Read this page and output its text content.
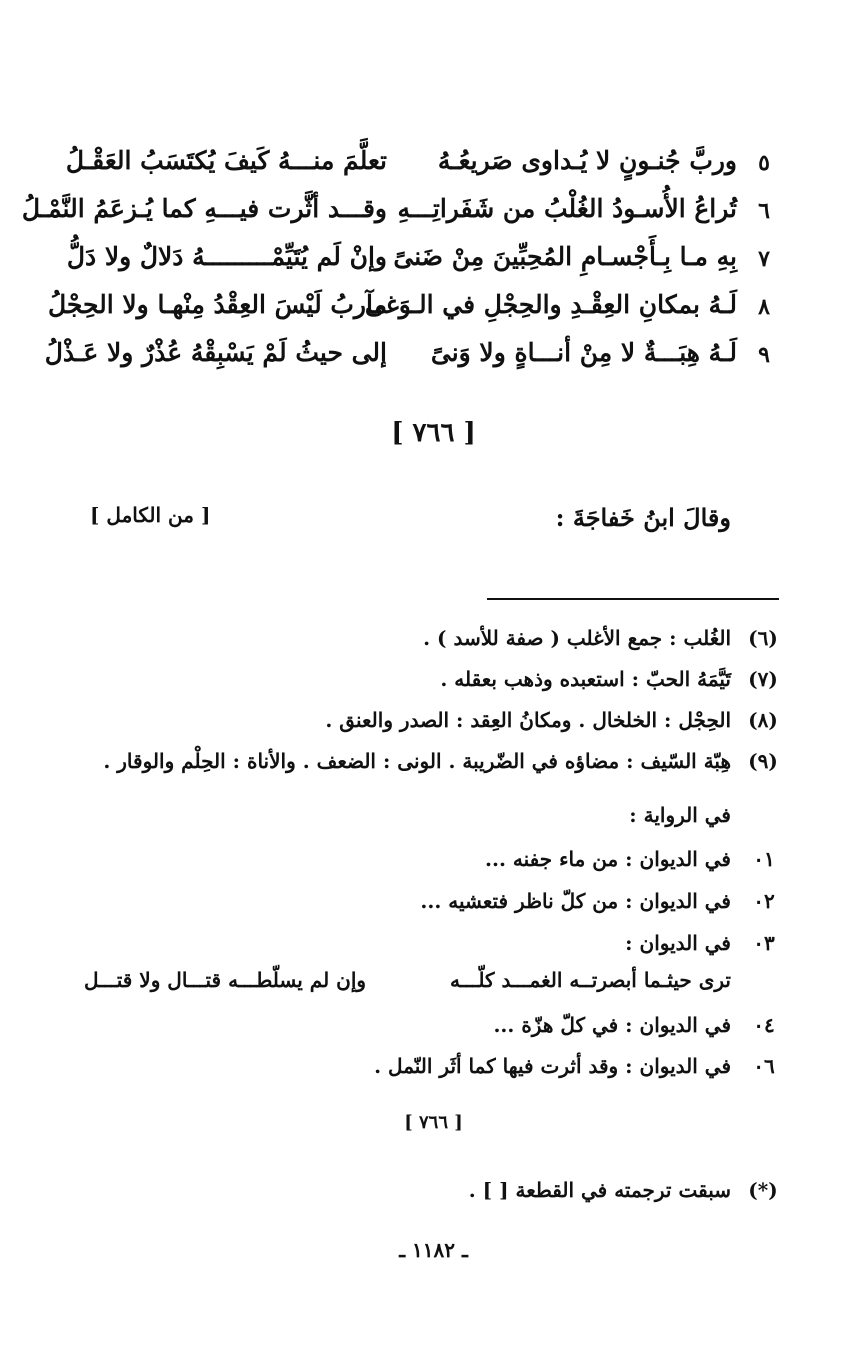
٥
وربَّ جُنـونٍ لا يُـداوى صَريعُـهُ
تعلَّمَ منـــهُ كَيفَ يُكتَسَبُ العَقْـلُ
٦
تُراعُ الأُسـودُ الغُلْبُ من شَفَراتِـــهِ
وقـــد أثَّرت فيـــهِ كما يُـزعَمُ النَّمْـلُ
٧
بِهِ مـا بِـأَجْسـامِ المُحِبِّينَ مِنْ ضَنىً
وإنْ لَم يُتَيِّمْـــــــــهُ دَلالٌ ولا دَلُّ
٨
لَـهُ بمكانِ العِقْـدِ والحِجْلِ في الـوَغى
مآربُ لَيْسَ العِقْدُ مِنْهـا ولا الحِجْلُ
٩
لَـهُ هِبَـــةٌ لا مِنْ أنـــاةٍ ولا وَنىً
إلى حيثُ لَمْ يَسْبِقْهُ عُذْرٌ ولا عَـذْلُ
[ ٧٦٦ ]
وقالَ ابنُ خَفاجَةَ :
[ من الكامل ]
(٦)
الغُلب : جمع الأغلب ( صفة للأسد ) .
(٧)
تَيَّمَهُ الحبّ : استعبده وذهب بعقله .
(٨)
الحِجْل : الخلخال . ومكانُ العِقد : الصدر والعنق .
(٩)
هِبّة السّيف : مضاؤه في الضّريبة . الونى : الضعف . والأناة : الحِلْم والوقار .
في الرواية :
٠١
في الديوان : من ماء جفنه ...
٠٢
في الديوان : من كلّ ناظر فتعشيه ...
٠٣
في الديوان :
ترى حيثـما أبصرتــه الغمـــد كلّـــه
وإن لم يسلّطـــه قتـــال ولا قتـــل
٠٤
في الديوان : في كلّ هزّة ...
٠٦
في الديوان : وقد أثرت فيها كما أثَر النّمل .
[ ٧٦٦ ]
(*)
سبقت ترجمته في القطعة [ ] .
ـ ١١٨٢ ـ
